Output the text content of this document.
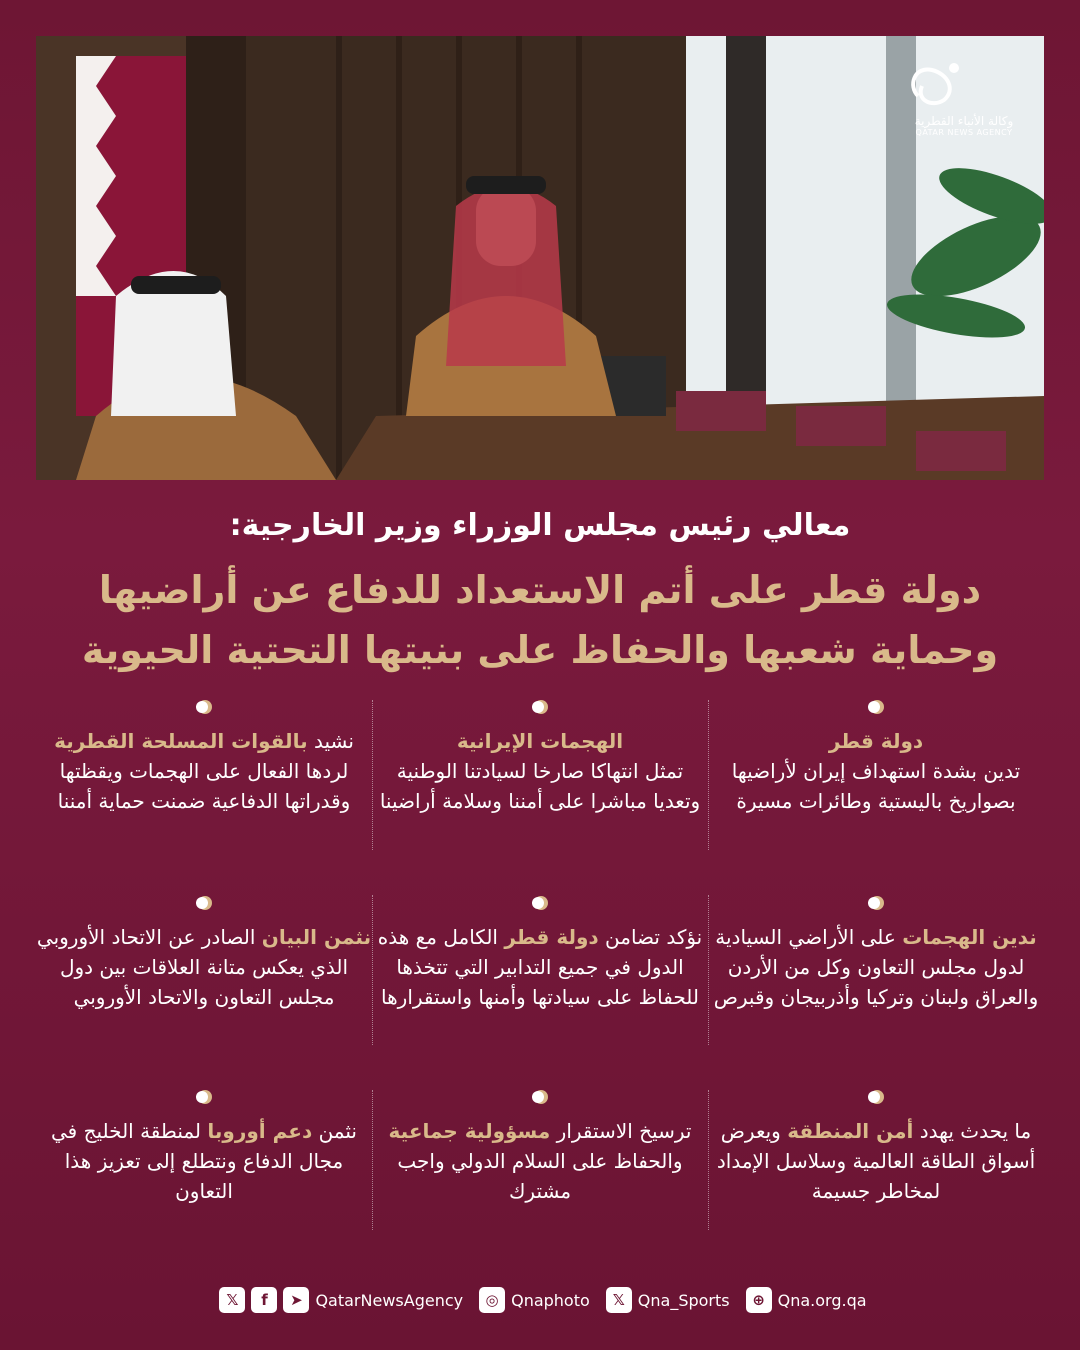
وكالة الأنباء القطرية
QATAR NEWS AGENCY
معالي رئيس مجلس الوزراء وزير الخارجية:
دولة قطر على أتم الاستعداد للدفاع عن أراضيها
وحماية شعبها والحفاظ على بنيتها التحتية الحيوية
دولة قطر
تدين بشدة استهداف إيران لأراضيها بصواريخ باليستية وطائرات مسيرة
الهجمات الإيرانية
تمثل انتهاكا صارخا لسيادتنا الوطنية وتعديا مباشرا على أمننا وسلامة أراضينا
نشيد بالقوات المسلحة القطرية لردها الفعال على الهجمات ويقظتها وقدراتها الدفاعية ضمنت حماية أمننا
ندين الهجمات على الأراضي السيادية لدول مجلس التعاون وكل من الأردن والعراق ولبنان وتركيا وأذربيجان وقبرص
نؤكد تضامن دولة قطر الكامل مع هذه الدول في جميع التدابير التي تتخذها للحفاظ على سيادتها وأمنها واستقرارها
نثمن البيان الصادر عن الاتحاد الأوروبي الذي يعكس متانة العلاقات بين دول مجلس التعاون والاتحاد الأوروبي
ما يحدث يهدد أمن المنطقة ويعرض أسواق الطاقة العالمية وسلاسل الإمداد لمخاطر جسيمة
ترسيخ الاستقرار مسؤولية جماعية والحفاظ على السلام الدولي واجب مشترك
نثمن دعم أوروبا لمنطقة الخليج في مجال الدفاع ونتطلع إلى تعزيز هذا التعاون
𝕏	f	➤ QatarNewsAgency	◎ Qnaphoto	𝕏 Qna_Sports	⊕ Qna.org.qa
